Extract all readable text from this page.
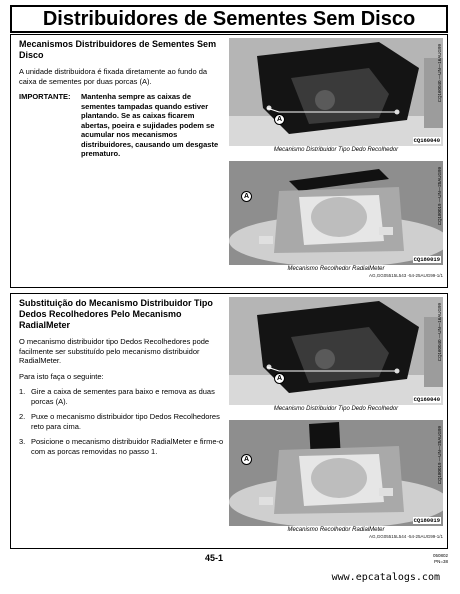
Distribuidores de Sementes Sem Disco
Mecanismos Distribuidores de Sementes Sem Disco
A unidade distribuidora é fixada diretamente ao fundo da caixa de sementes por duas porcas (A).
IMPORTANTE:	Mantenha sempre as caixas de sementes tampadas quando estiver plantando. Se as caixas ficarem abertas, poeira e sujidades podem se acumular nos mecanismos distribuidores, causando um desgaste prematuro.
A
CQ160040
CQ160040 —UN—16AUG99
Mecanismo Distribuidor Tipo Dedo Recolhedor
A
CQ180019
CQ180019 —UN—25AUG99
Mecanismo Recolhedor RadialMeter
AG,GG05515L543 -54-25AUG99-1/1
Substituição do Mecanismo Distribuidor Tipo Dedos Recolhedores Pelo Mecanismo RadialMeter
O mecanismo distribuidor tipo Dedos Recolhedores pode facilmente ser substituído pelo mecanismo distribuidor RadialMeter.
Para isto faça o seguinte:
1. Gire a caixa de sementes para baixo e remova as duas porcas (A).
2. Puxe o mecanismo distribuidor tipo Dedos Recolhedores reto para cima.
3. Posicione o mecanismo distribuidor RadialMeter e firme-o com as porcas removidas no passo 1.
A
CQ160040
CQ160040 —UN—16AUG99
Mecanismo Distribuidor Tipo Dedo Recolhedor
A
CQ180019
CQ180019 —UN—25AUG99
Mecanismo Recolhedor RadialMeter
AG,GG05515L544 -54-25AUG99-1/1
45-1	050802
PN=38
www.epcatalogs.com
